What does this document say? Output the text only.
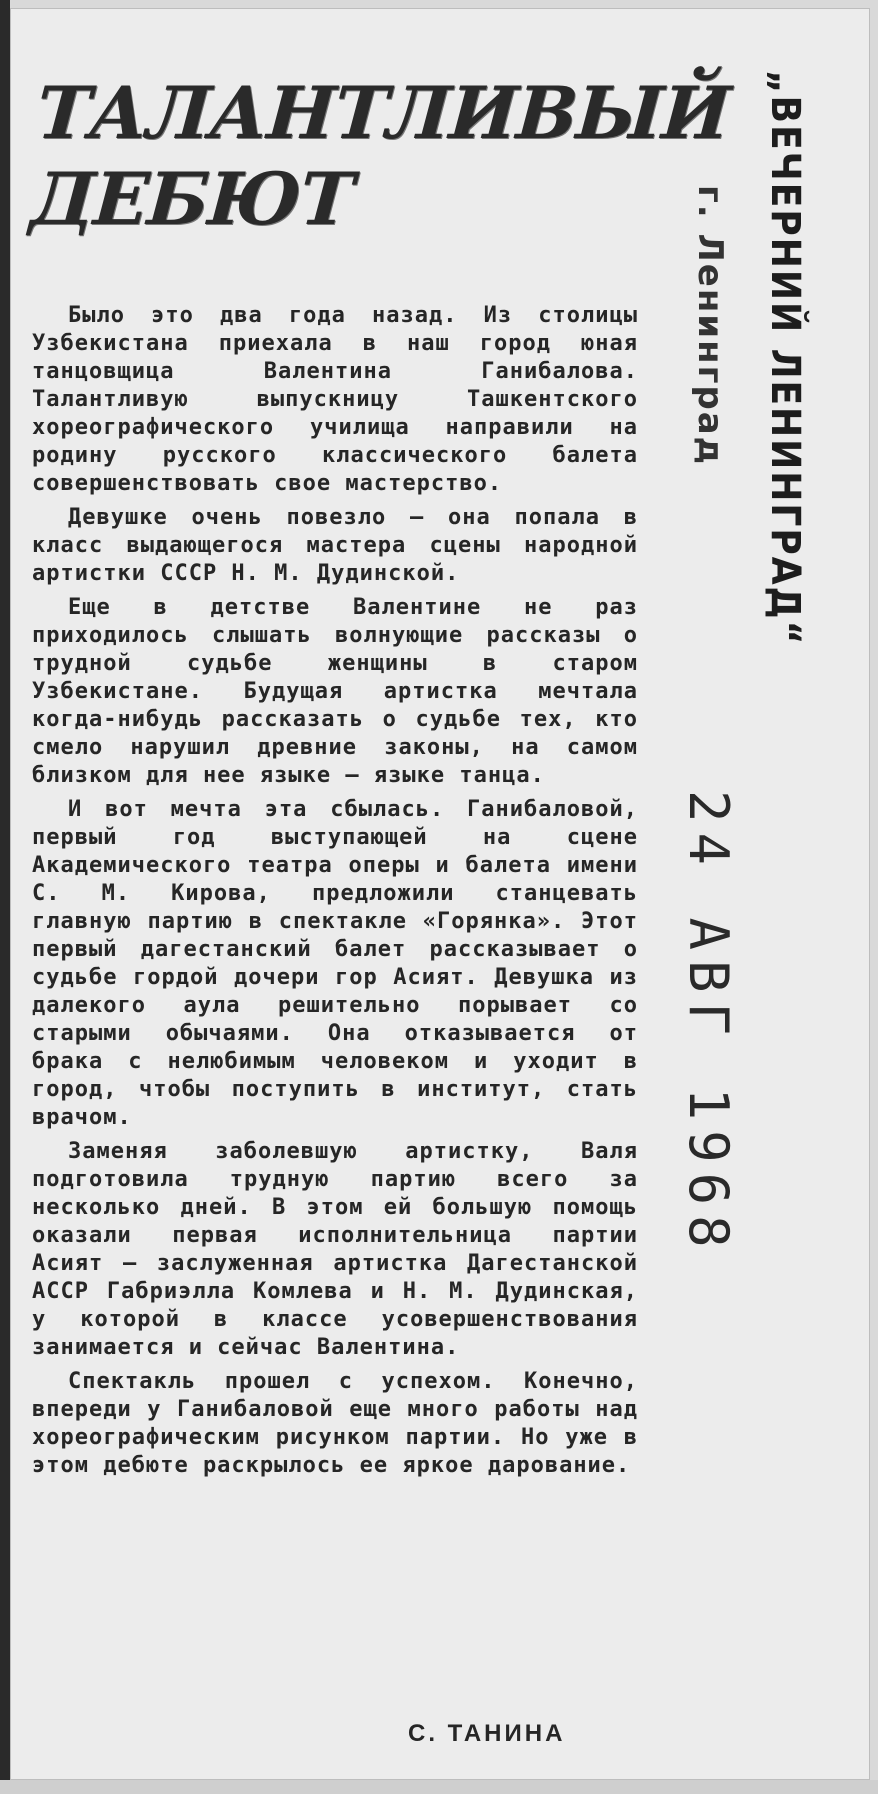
ТАЛАНТЛИВЫЙ
ДЕБЮТ

Было это два года назад. Из столицы Узбекистана приехала в наш город юная танцовщица Валентина Ганибалова. Талантливую выпускницу Ташкентского хореографического училища направили на родину русского классического балета совершенствовать свое мастерство.

Девушке очень повезло — она попала в класс выдающегося мастера сцены народной артистки СССР Н. М. Дудинской.

Еще в детстве Валентине не раз приходилось слышать волнующие рассказы о трудной судьбе женщины в старом Узбекистане. Будущая артистка мечтала когда-нибудь рассказать о судьбе тех, кто смело нарушил древние законы, на самом близком для нее языке — языке танца.

И вот мечта эта сбылась. Ганибаловой, первый год выступающей на сцене Академического театра оперы и балета имени С. М. Кирова, предложили станцевать главную партию в спектакле «Горянка». Этот первый дагестанский балет рассказывает о судьбе гордой дочери гор Асият. Девушка из далекого аула решительно порывает со старыми обычаями. Она отказывается от брака с нелюбимым человеком и уходит в город, чтобы поступить в институт, стать врачом.

Заменяя заболевшую артистку, Валя подготовила трудную партию всего за несколько дней. В этом ей большую помощь оказали первая исполнительница партии Асият — заслуженная артистка Дагестанской АССР Габриэлла Комлева и Н. М. Дудинская, у которой в классе усовершенствования занимается и сейчас Валентина.

Спектакль прошел с успехом. Конечно, впереди у Ганибаловой еще много работы над хореографическим рисунком партии. Но уже в этом дебюте раскрылось ее яркое дарование.

С. ТАНИНА
„ВЕЧЕРНИЙ ЛЕНИНГРАД“
г. Ленинград
24 АВГ 1968
